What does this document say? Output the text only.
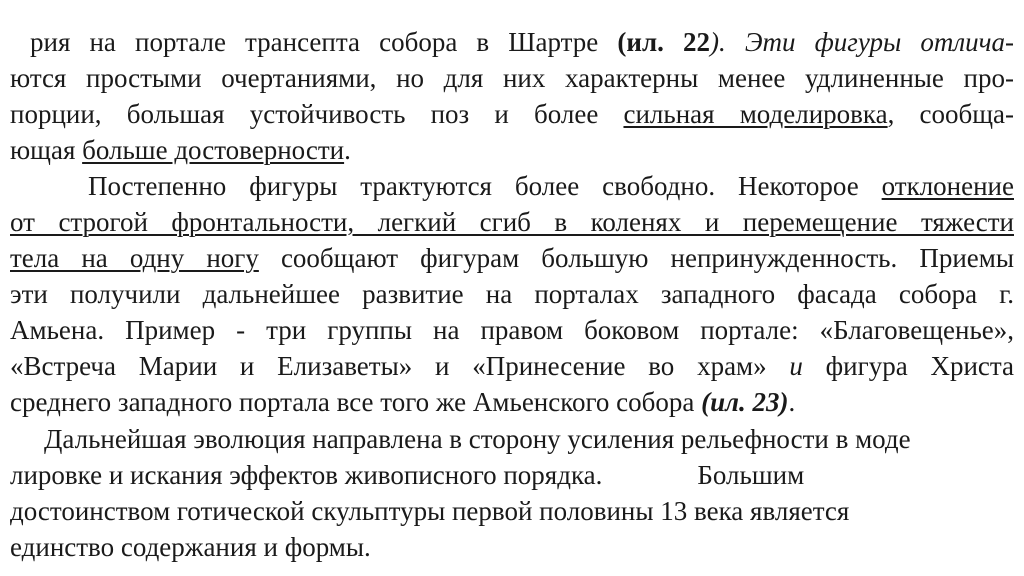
рия на портале трансепта собора в Шартре (ил. 22). Эти фигуры отлича-
ются простыми очертаниями, но для них характерны менее удлиненные про-
порции, большая устойчивость поз и более сильная моделировка, сообща-
ющая больше достоверности.
Постепенно фигуры трактуются более свободно. Некоторое отклонение
от строгой фронтальности, легкий сгиб в коленях и перемещение тяжести
тела на одну ногу сообщают фигурам большую непринужденность. Приемы
эти получили дальнейшее развитие на порталах западного фасада собора г.
Амьена. Пример - три группы на правом боковом портале: «Благовещенье»,
«Встреча Марии и Елизаветы» и «Принесение во храм» и фигура Христа
среднего западного портала все того же Амьенского собора (ил. 23).
Дальнейшая эволюция направлена в сторону усиления рельефности в моде
лировке и искания эффектов живописного порядка.	Большим
достоинством готической скульптуры первой половины 13 века является
единство содержания и формы.
